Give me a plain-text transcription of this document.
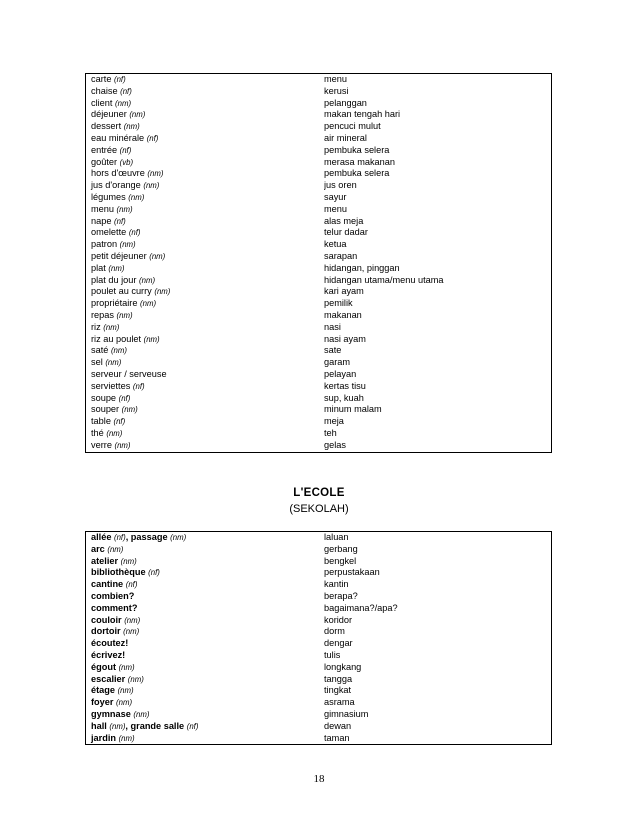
carte (nf)	menu
chaise (nf)	kerusi
client (nm)	pelanggan
déjeuner (nm)	makan tengah hari
dessert (nm)	pencuci mulut
eau minérale (nf)	air mineral
entrée (nf)	pembuka selera
goûter (vb)	merasa makanan
hors d'œuvre (nm)	pembuka selera
jus d'orange (nm)	jus oren
légumes (nm)	sayur
menu (nm)	menu
nape (nf)	alas meja
omelette (nf)	telur dadar
patron (nm)	ketua
petit déjeuner (nm)	sarapan
plat (nm)	hidangan, pinggan
plat du jour (nm)	hidangan utama/menu utama
poulet au curry (nm)	kari ayam
propriétaire (nm)	pemilik
repas (nm)	makanan
riz (nm)	nasi
riz au poulet (nm)	nasi ayam
saté (nm)	sate
sel (nm)	garam
serveur / serveuse	pelayan
serviettes (nf)	kertas tisu
soupe (nf)	sup, kuah
souper (nm)	minum malam
table (nf)	meja
thé (nm)	teh
verre (nm)	gelas
L'ECOLE
(SEKOLAH)
allée (nf), passage (nm)	laluan
arc (nm)	gerbang
atelier (nm)	bengkel
bibliothèque (nf)	perpustakaan
cantine (nf)	kantin
combien?	berapa?
comment?	bagaimana?/apa?
couloir (nm)	koridor
dortoir (nm)	dorm
écoutez!	dengar
écrivez!	tulis
égout (nm)	longkang
escalier (nm)	tangga
étage (nm)	tingkat
foyer (nm)	asrama
gymnase (nm)	gimnasium
hall (nm), grande salle (nf)	dewan
jardin (nm)	taman
18
